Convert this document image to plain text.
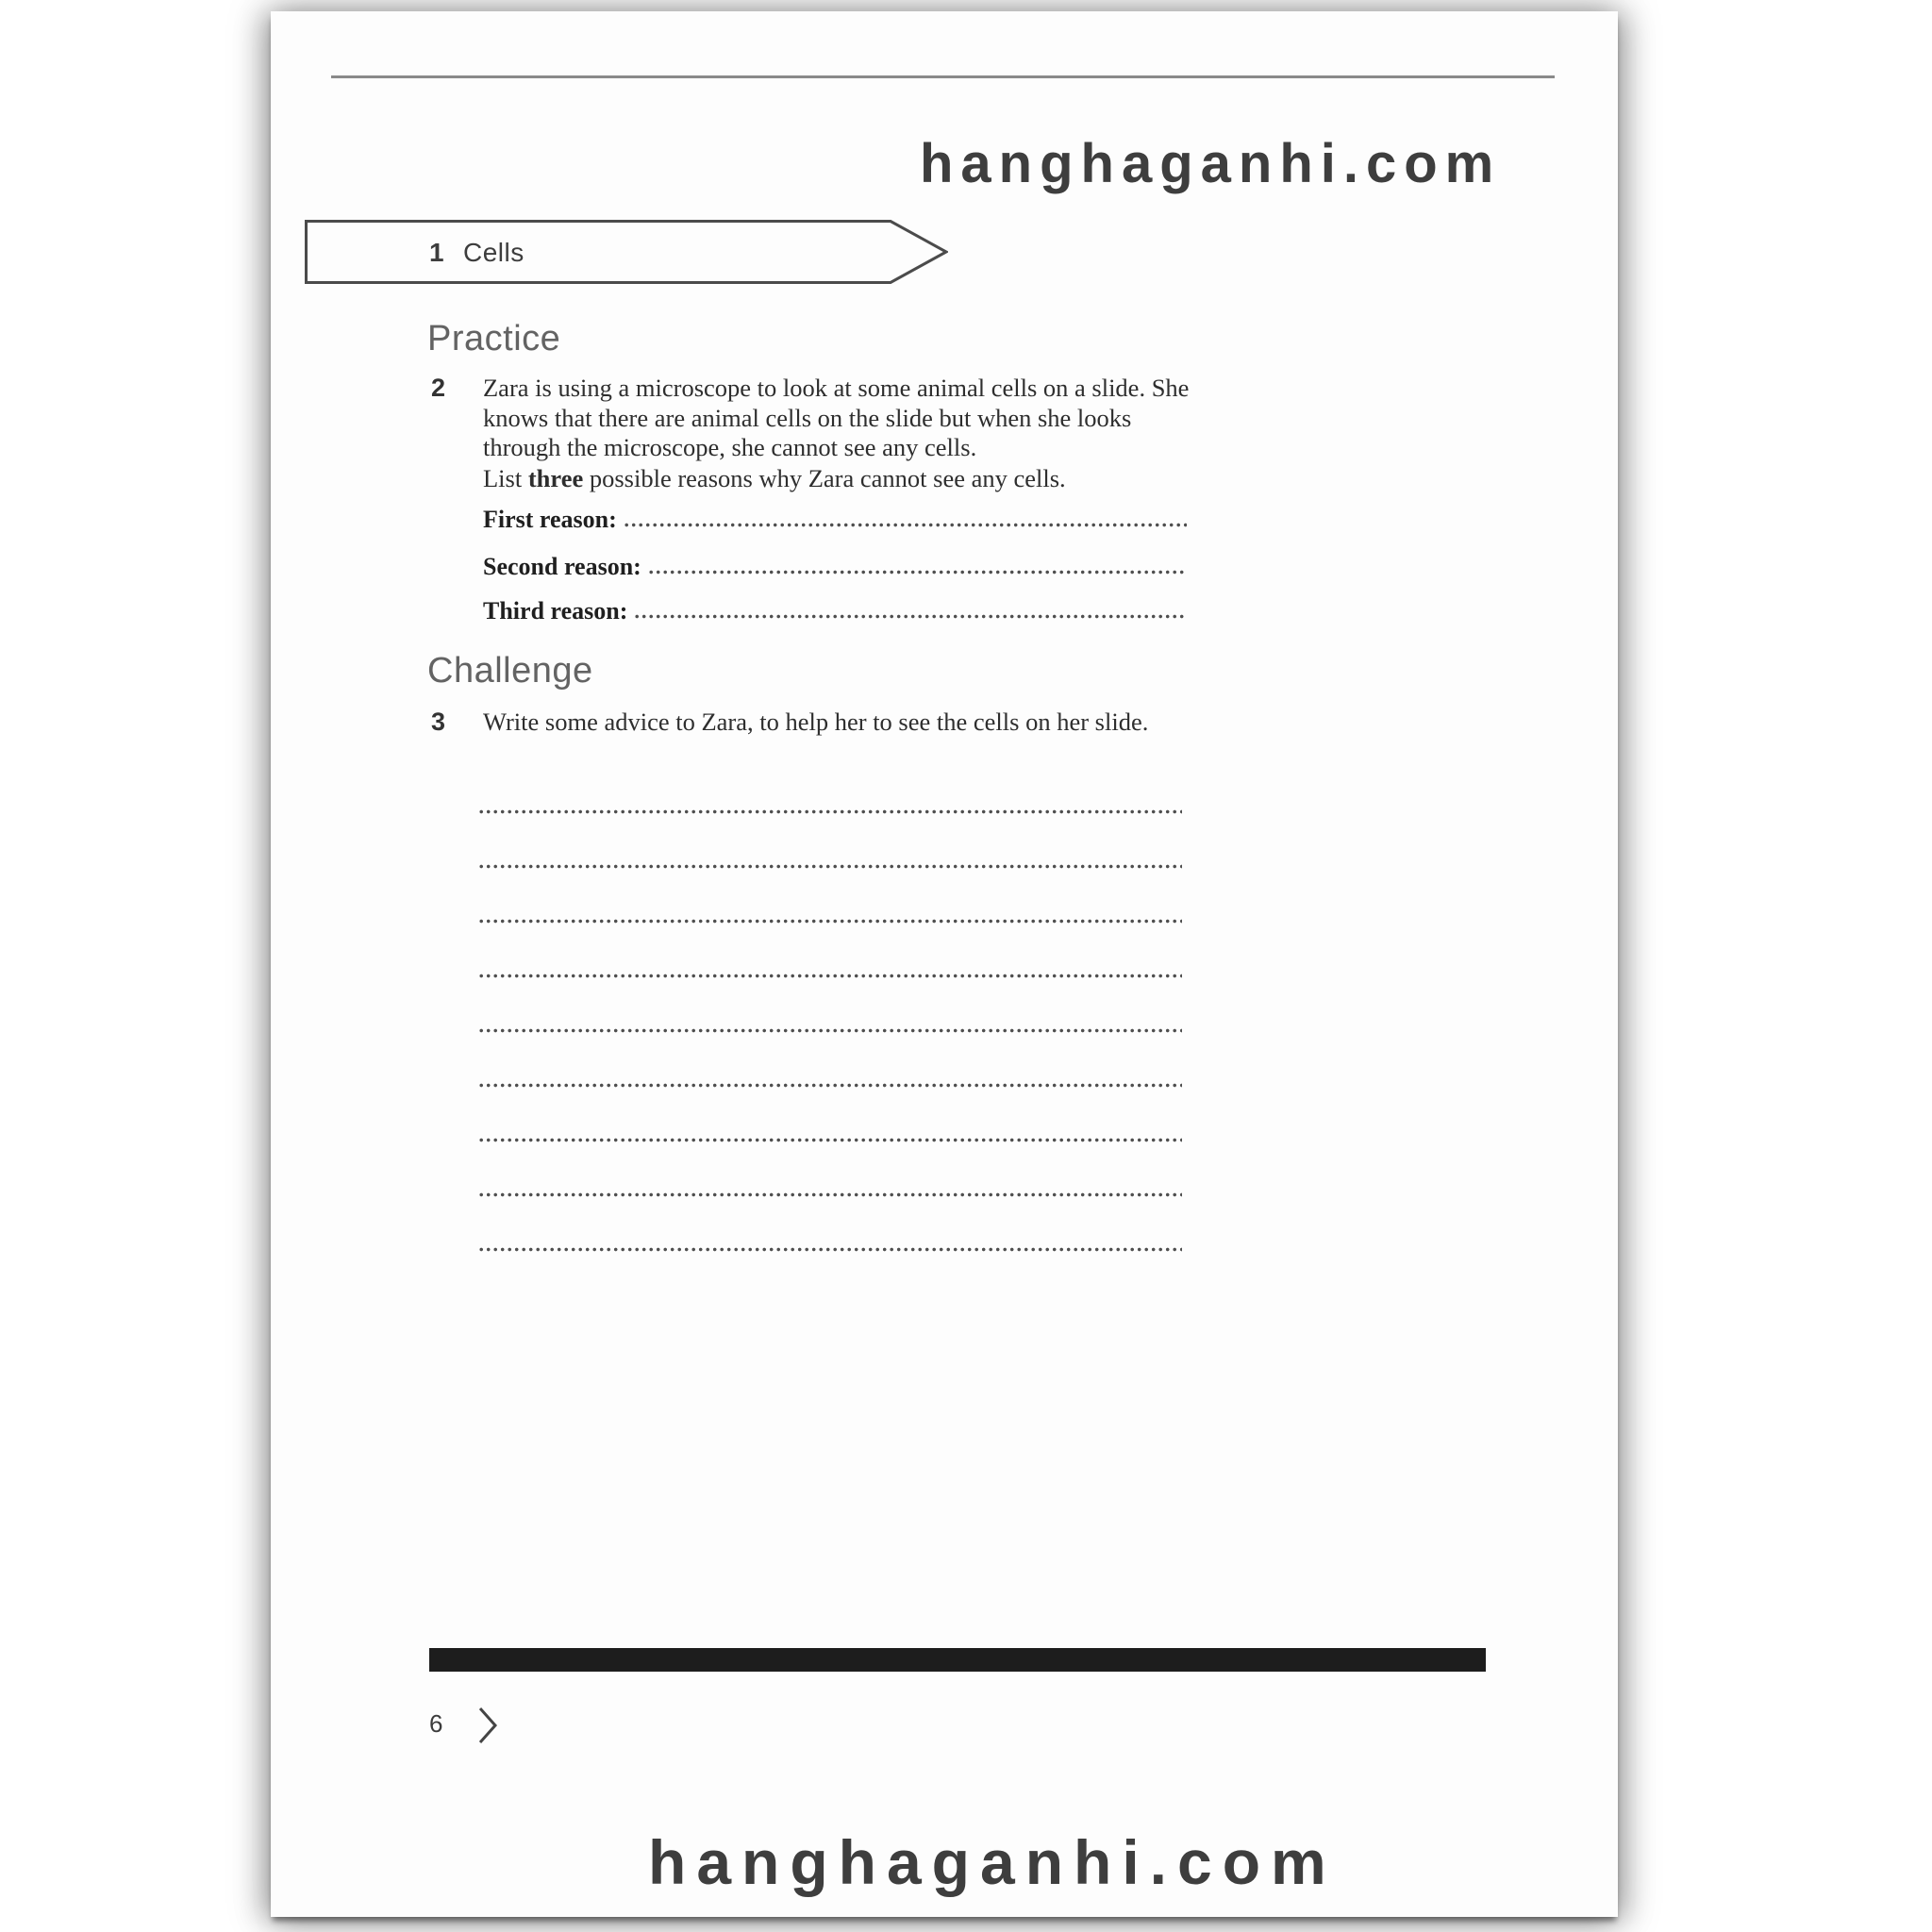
hanghaganhi.com
1 Cells
Practice
2 Zara is using a microscope to look at some animal cells on a slide. She knows that there are animal cells on the slide but when she looks through the microscope, she cannot see any cells.
List three possible reasons why Zara cannot see any cells.
First reason:
Second reason:
Third reason:
Challenge
3 Write some advice to Zara, to help her to see the cells on her slide.
6
hanghaganhi.com
